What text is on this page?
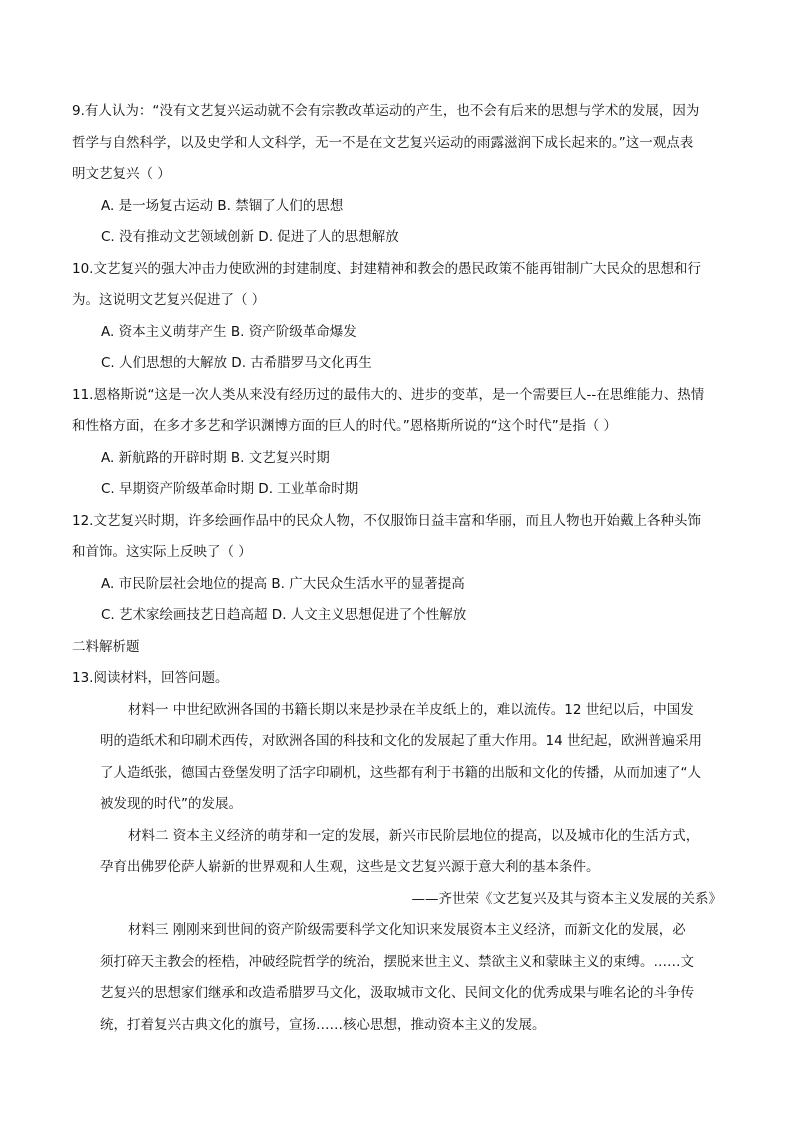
9.有人认为：“没有文艺复兴运动就不会有宗教改革运动的产生，也不会有后来的思想与学术的发展，因为
哲学与自然科学，以及史学和人文科学，无一不是在文艺复兴运动的雨露滋润下成长起来的。”这一观点表
明文艺复兴（ ）
A. 是一场复古运动 B. 禁锢了人们的思想
C. 没有推动文艺领域创新 D. 促进了人的思想解放
10.文艺复兴的强大冲击力使欧洲的封建制度、封建精神和教会的愚民政策不能再钳制广大民众的思想和行
为。这说明文艺复兴促进了（ ）
A. 资本主义萌芽产生 B. 资产阶级革命爆发
C. 人们思想的大解放 D. 古希腊罗马文化再生
11.恩格斯说“这是一次人类从来没有经历过的最伟大的、进步的变革，是一个需要巨人--在思维能力、热情
和性格方面，在多才多艺和学识渊博方面的巨人的时代。”恩格斯所说的“这个时代”是指（ ）
A. 新航路的开辟时期 B. 文艺复兴时期
C. 早期资产阶级革命时期 D. 工业革命时期
12.文艺复兴时期，许多绘画作品中的民众人物，不仅服饰日益丰富和华丽，而且人物也开始戴上各种头饰
和首饰。这实际上反映了（ ）
A. 市民阶层社会地位的提高 B. 广大民众生活水平的显著提高
C. 艺术家绘画技艺日趋高超 D. 人文主义思想促进了个性解放
二料解析题
13.阅读材料，回答问题。
材料一 中世纪欧洲各国的书籍长期以来是抄录在羊皮纸上的，难以流传。12 世纪以后，中国发
明的造纸术和印刷术西传，对欧洲各国的科技和文化的发展起了重大作用。14 世纪起，欧洲普遍采用
了人造纸张，德国古登堡发明了活字印刷机，这些都有利于书籍的出版和文化的传播，从而加速了“人
被发现的时代”的发展。
材料二 资本主义经济的萌芽和一定的发展，新兴市民阶层地位的提高，以及城市化的生活方式，
孕育出佛罗伦萨人崭新的世界观和人生观，这些是文艺复兴源于意大利的基本条件。
——齐世荣《文艺复兴及其与资本主义发展的关系》
材料三 刚刚来到世间的资产阶级需要科学文化知识来发展资本主义经济，而新文化的发展，必
须打碎天主教会的桎梏，冲破经院哲学的统治，摆脱来世主义、禁欲主义和蒙昧主义的束缚。……文
艺复兴的思想家们继承和改造希腊罗马文化，汲取城市文化、民间文化的优秀成果与唯名论的斗争传
统，打着复兴古典文化的旗号，宣扬……核心思想，推动资本主义的发展。
